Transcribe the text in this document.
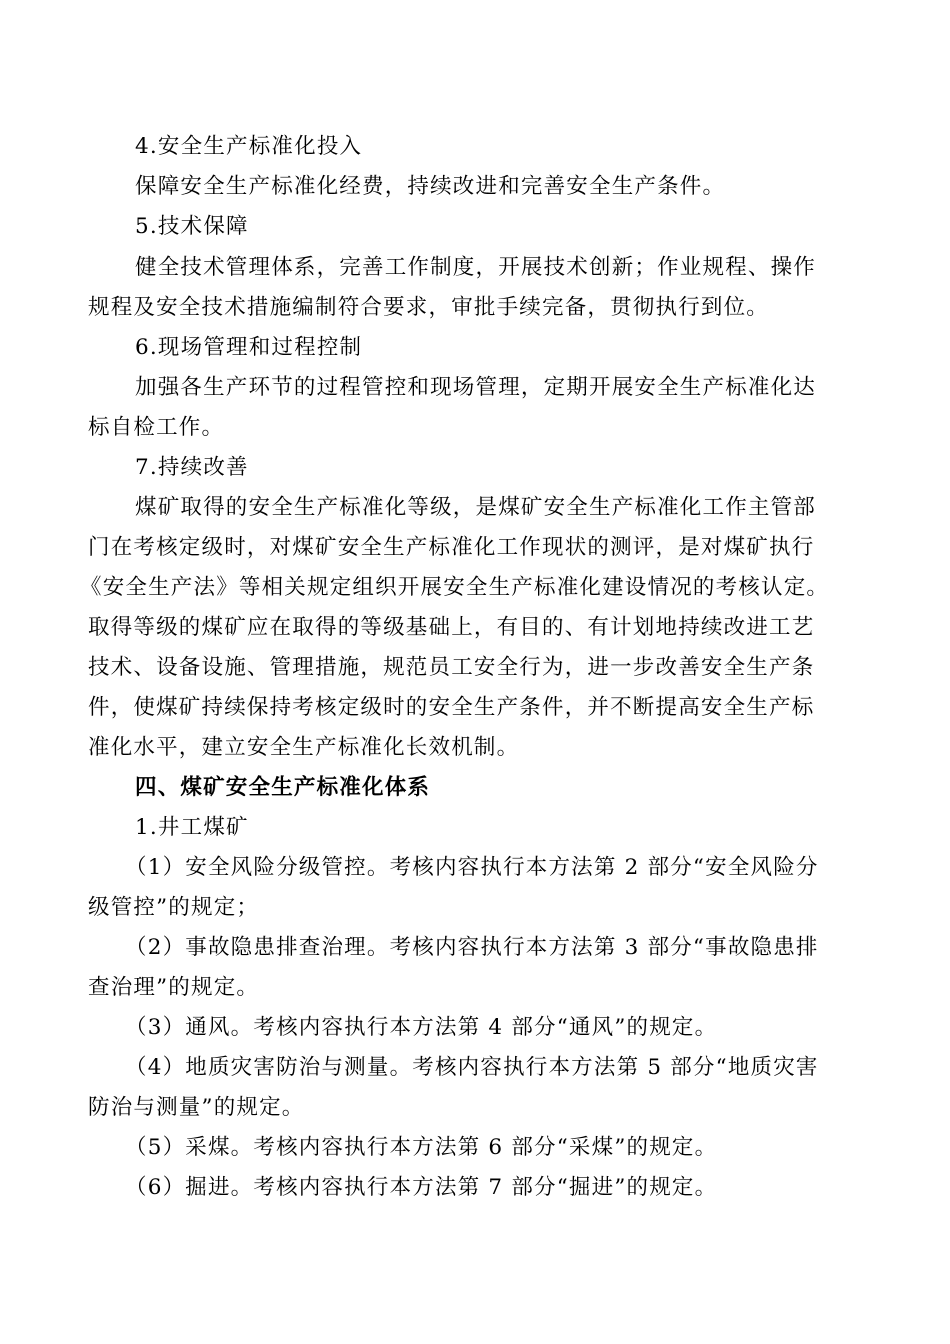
4.安全生产标准化投入
保障安全生产标准化经费，持续改进和完善安全生产条件。
5.技术保障
健全技术管理体系，完善工作制度，开展技术创新；作业规程、操作
规程及安全技术措施编制符合要求，审批手续完备，贯彻执行到位。
6.现场管理和过程控制
加强各生产环节的过程管控和现场管理，定期开展安全生产标准化达
标自检工作。
7.持续改善
煤矿取得的安全生产标准化等级，是煤矿安全生产标准化工作主管部
门在考核定级时，对煤矿安全生产标准化工作现状的测评，是对煤矿执行
《安全生产法》等相关规定组织开展安全生产标准化建设情况的考核认定。
取得等级的煤矿应在取得的等级基础上，有目的、有计划地持续改进工艺
技术、设备设施、管理措施，规范员工安全行为，进一步改善安全生产条
件，使煤矿持续保持考核定级时的安全生产条件，并不断提高安全生产标
准化水平，建立安全生产标准化长效机制。
四、煤矿安全生产标准化体系
1.井工煤矿
（1）安全风险分级管控。考核内容执行本方法第 2 部分“安全风险分
级管控”的规定；
（2）事故隐患排查治理。考核内容执行本方法第 3 部分“事故隐患排
查治理”的规定。
（3）通风。考核内容执行本方法第 4 部分“通风”的规定。
（4）地质灾害防治与测量。考核内容执行本方法第 5 部分“地质灾害
防治与测量”的规定。
（5）采煤。考核内容执行本方法第 6 部分“采煤”的规定。
（6）掘进。考核内容执行本方法第 7 部分“掘进”的规定。
